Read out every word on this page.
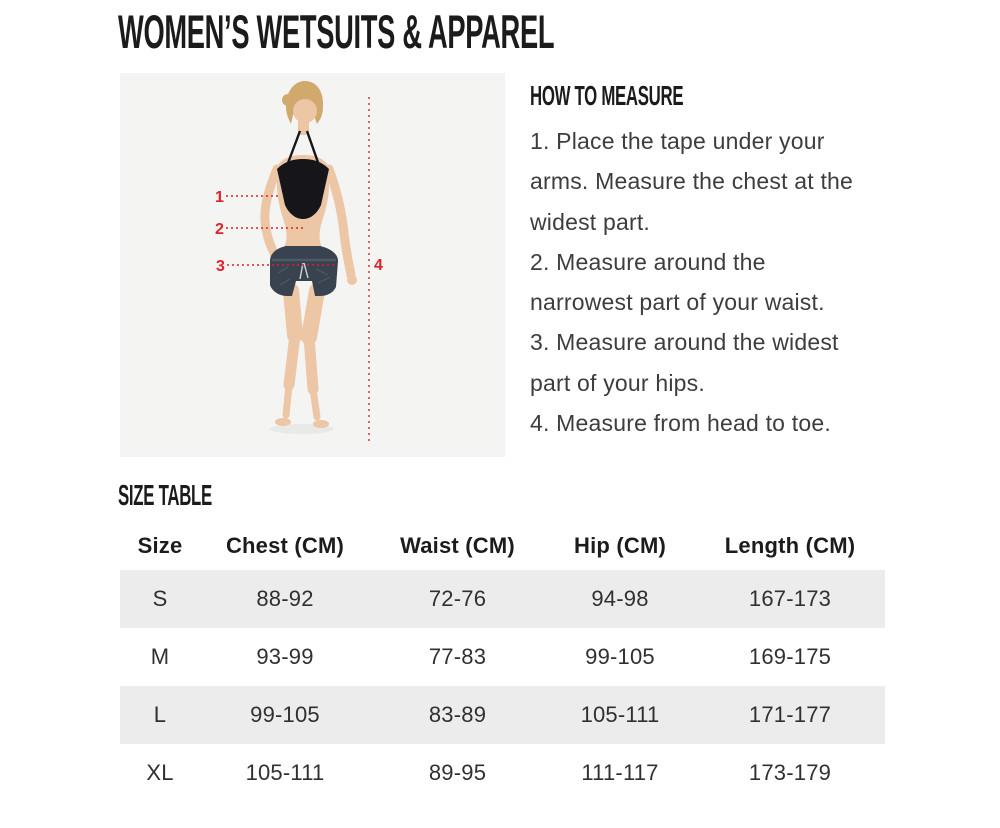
WOMEN’S WETSUITS & APPAREL
1
2
3	4
HOW TO MEASURE
1. Place the tape under your
arms. Measure the chest at the
widest part.
2. Measure around the
narrowest part of your waist.
3. Measure around the widest
part of your hips.
4. Measure from head to toe.
SIZE TABLE
Size	Chest (CM)	Waist (CM)	Hip (CM)	Length (CM)
S	88-92	72-76	94-98	167-173
M	93-99	77-83	99-105	169-175
L	99-105	83-89	105-111	171-177
XL	105-111	89-95	111-117	173-179
